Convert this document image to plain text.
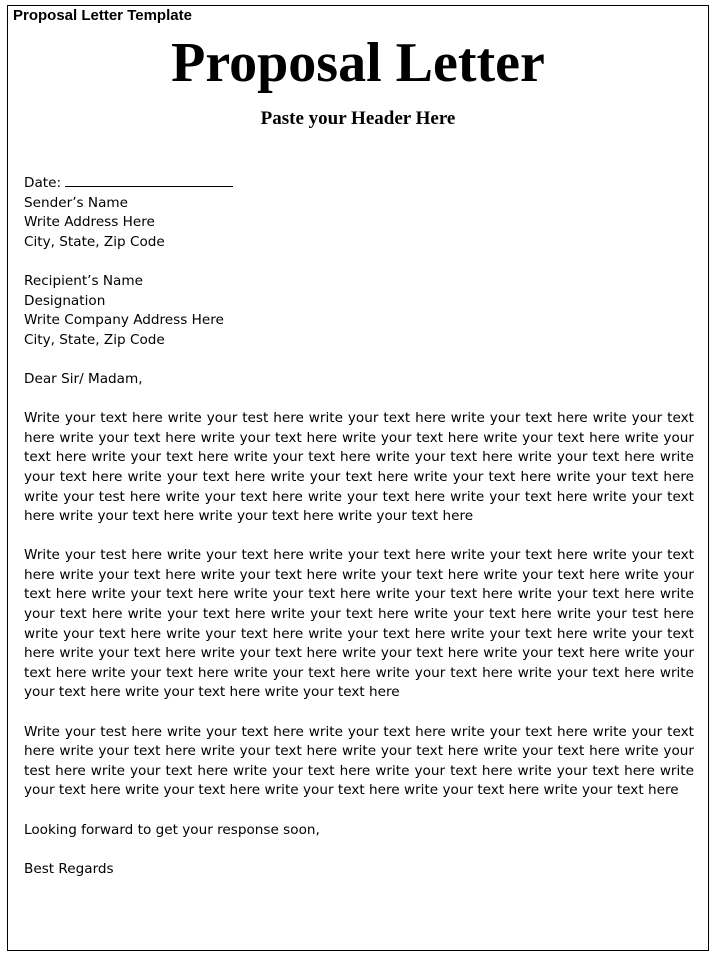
Proposal Letter Template
Proposal Letter
Paste your Header Here

Date:

Sender’s Name

Write Address Here

City, State, Zip Code

Recipient’s Name

Designation

Write Company Address Here

City, State, Zip Code

Dear Sir/ Madam,

Write your text here write your test here write your text here write your text here write your text here write your text here write your text here write your text here write your text here write your text here write your text here write your text here write your text here write your text here write your text here write your text here write your text here write your text here write your text here write your test here write your text here write your text here write your text here write your text here write your text here write your text here write your text here

Write your test here write your text here write your text here write your text here write your text here write your text here write your text here write your text here write your text here write your text here write your text here write your text here write your text here write your text here write your text here write your text here write your text here write your text here write your test here write your text here write your text here write your text here write your text here write your text here write your text here write your text here write your text here write your text here write your text here write your text here write your text here write your text here write your text here write your text here write your text here write your text here

Write your test here write your text here write your text here write your text here write your text here write your text here write your text here write your text here write your text here write your test here write your text here write your text here write your text here write your text here write your text here write your text here write your text here write your text here write your text here

Looking forward to get your response soon,

Best Regards
